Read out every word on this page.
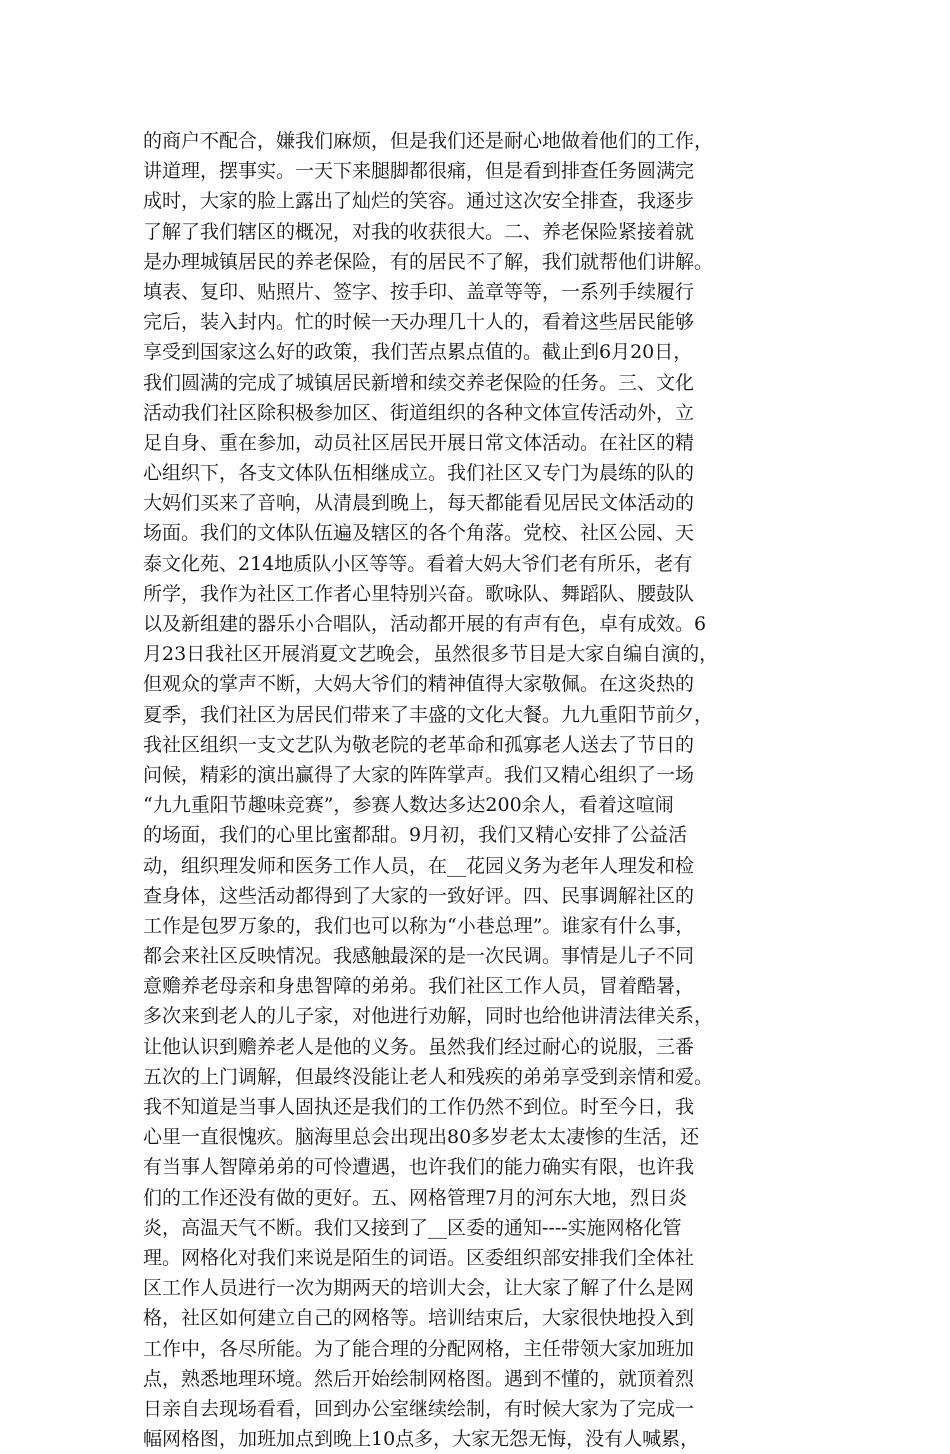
的商户不配合，嫌我们麻烦，但是我们还是耐心地做着他们的工作，
讲道理，摆事实。一天下来腿脚都很痛，但是看到排查任务圆满完
成时，大家的脸上露出了灿烂的笑容。通过这次安全排查，我逐步
了解了我们辖区的概况，对我的收获很大。二、养老保险紧接着就
是办理城镇居民的养老保险，有的居民不了解，我们就帮他们讲解。
填表、复印、贴照片、签字、按手印、盖章等等，一系列手续履行
完后，装入封内。忙的时候一天办理几十人的，看着这些居民能够
享受到国家这么好的政策，我们苦点累点值的。截止到6月20日，
我们圆满的完成了城镇居民新增和续交养老保险的任务。三、文化
活动我们社区除积极参加区、街道组织的各种文体宣传活动外，立
足自身、重在参加，动员社区居民开展日常文体活动。在社区的精
心组织下，各支文体队伍相继成立。我们社区又专门为晨练的队的
大妈们买来了音响，从清晨到晚上，每天都能看见居民文体活动的
场面。我们的文体队伍遍及辖区的各个角落。党校、社区公园、天
泰文化苑、214地质队小区等等。看着大妈大爷们老有所乐，老有
所学，我作为社区工作者心里特别兴奋。歌咏队、舞蹈队、腰鼓队
以及新组建的器乐小合唱队，活动都开展的有声有色，卓有成效。6
月23日我社区开展消夏文艺晚会，虽然很多节目是大家自编自演的，
但观众的掌声不断，大妈大爷们的精神值得大家敬佩。在这炎热的
夏季，我们社区为居民们带来了丰盛的文化大餐。九九重阳节前夕，
我社区组织一支文艺队为敬老院的老革命和孤寡老人送去了节日的
问候，精彩的演出赢得了大家的阵阵掌声。我们又精心组织了一场
“九九重阳节趣味竞赛”，参赛人数达多达200余人，看着这喧闹
的场面，我们的心里比蜜都甜。9月初，我们又精心安排了公益活
动，组织理发师和医务工作人员，在__花园义务为老年人理发和检
查身体，这些活动都得到了大家的一致好评。四、民事调解社区的
工作是包罗万象的，我们也可以称为“小巷总理”。谁家有什么事，
都会来社区反映情况。我感触最深的是一次民调。事情是儿子不同
意赡养老母亲和身患智障的弟弟。我们社区工作人员，冒着酷暑，
多次来到老人的儿子家，对他进行劝解，同时也给他讲清法律关系，
让他认识到赡养老人是他的义务。虽然我们经过耐心的说服，三番
五次的上门调解，但最终没能让老人和残疾的弟弟享受到亲情和爱。
我不知道是当事人固执还是我们的工作仍然不到位。时至今日，我
心里一直很愧疚。脑海里总会出现出80多岁老太太凄惨的生活，还
有当事人智障弟弟的可怜遭遇，也许我们的能力确实有限，也许我
们的工作还没有做的更好。五、网格管理7月的河东大地，烈日炎
炎，高温天气不断。我们又接到了__区委的通知----实施网格化管
理。网格化对我们来说是陌生的词语。区委组织部安排我们全体社
区工作人员进行一次为期两天的培训大会，让大家了解了什么是网
格，社区如何建立自己的网格等。培训结束后，大家很快地投入到
工作中，各尽所能。为了能合理的分配网格，主任带领大家加班加
点，熟悉地理环境。然后开始绘制网格图。遇到不懂的，就顶着烈
日亲自去现场看看，回到办公室继续绘制，有时候大家为了完成一
幅网格图，加班加点到晚上10点多，大家无怨无悔，没有人喊累，
